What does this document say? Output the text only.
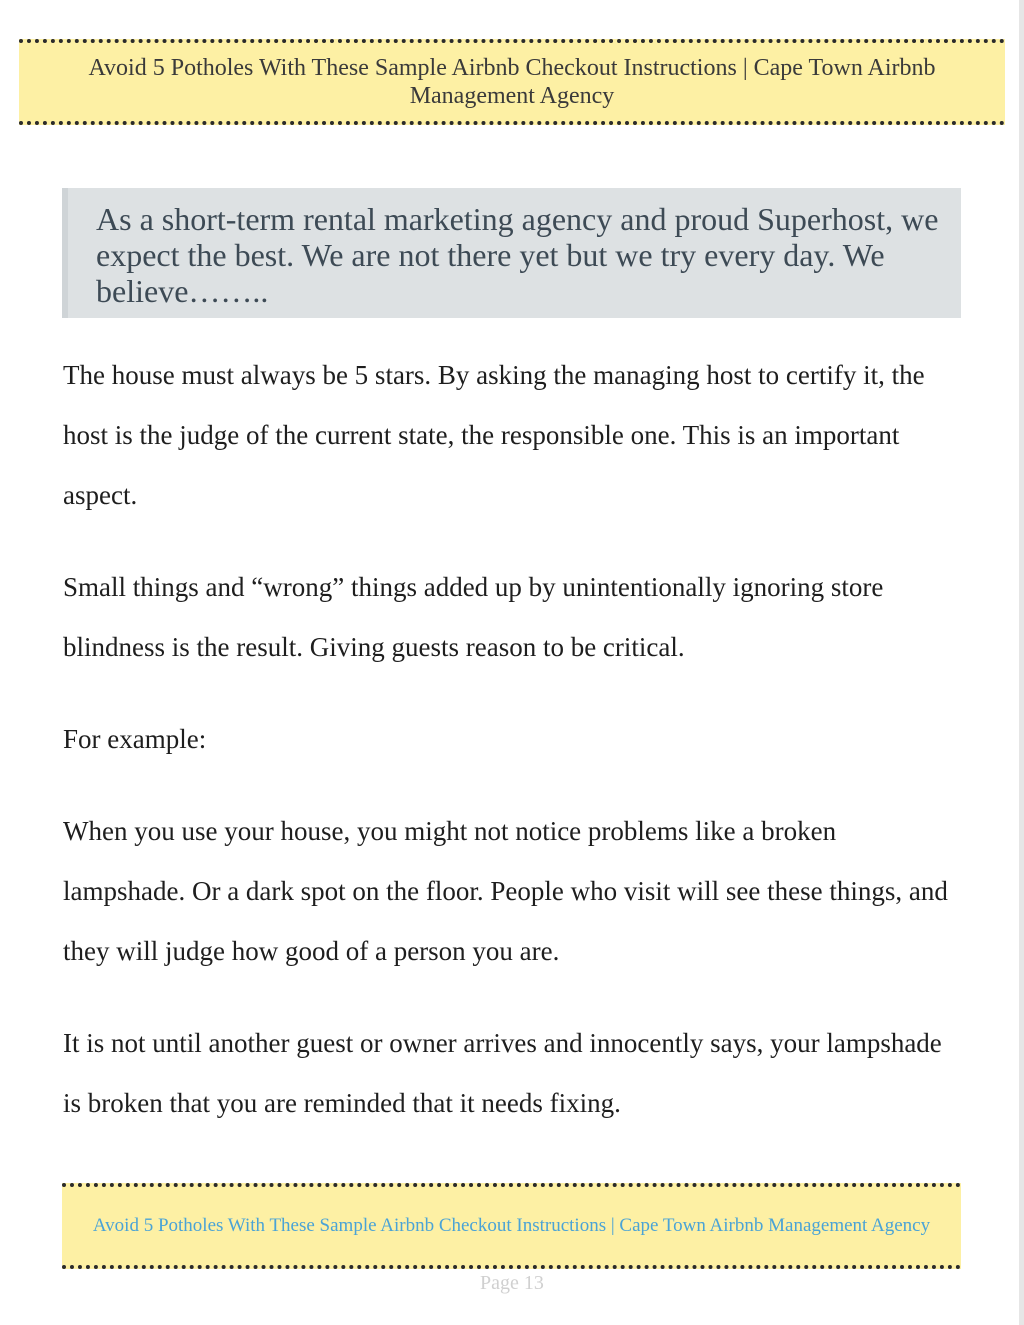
Avoid 5 Potholes With These Sample Airbnb Checkout Instructions | Cape Town Airbnb Management Agency

As a short-term rental marketing agency and proud Superhost, we expect the best. We are not there yet but we try every day. We believe……..

The house must always be 5 stars. By asking the managing host to certify it, the host is the judge of the current state, the responsible one. This is an important aspect.

Small things and “wrong” things added up by unintentionally ignoring store blindness is the result. Giving guests reason to be critical.

For example:

When you use your house, you might not notice problems like a broken lampshade. Or a dark spot on the floor. People who visit will see these things, and they will judge how good of a person you are.

It is not until another guest or owner arrives and innocently says, your lampshade is broken that you are reminded that it needs fixing.

Avoid 5 Potholes With These Sample Airbnb Checkout Instructions | Cape Town Airbnb Management Agency
Page 13
